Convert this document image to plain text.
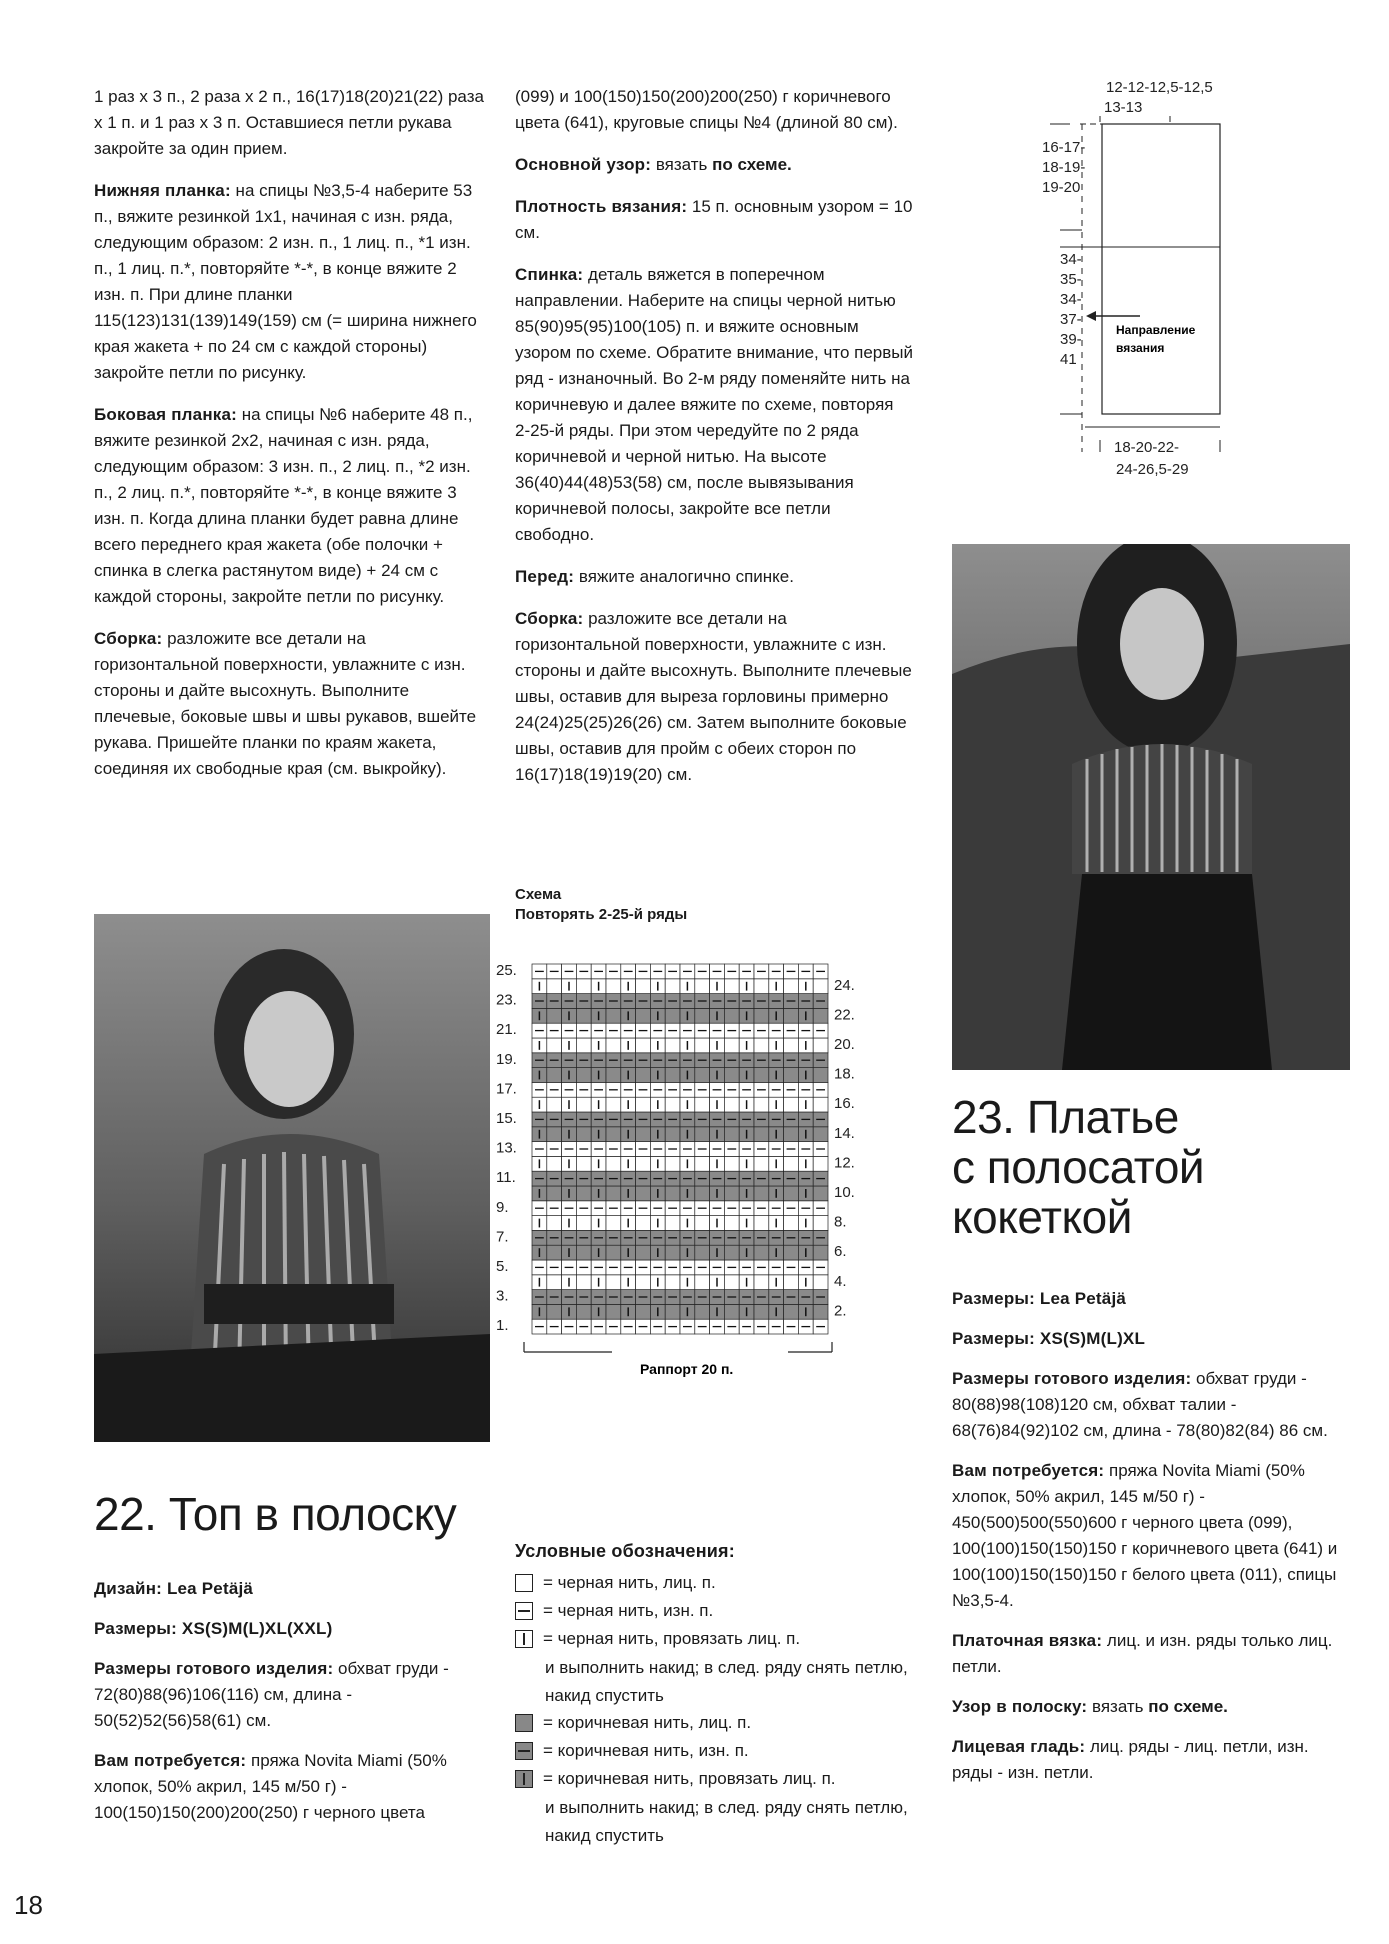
1 раз x 3 п., 2 раза x 2 п., 16(17)18(20)21(22) раза x 1 п. и 1 раз x 3 п. Оставшиеся петли рукава закройте за один прием.

Нижняя планка: на спицы №3,5-4 наберите 53 п., вяжите резинкой 1x1, начиная с изн. ряда, следующим образом: 2 изн. п., 1 лиц. п., *1 изн. п., 1 лиц. п.*, повторяйте *-*, в конце вяжите 2 изн. п. При длине планки 115(123)131(139)149(159) см (= ширина нижнего края жакета + по 24 см с каждой стороны) закройте петли по рисунку.

Боковая планка: на спицы №6 наберите 48 п., вяжите резинкой 2x2, начиная с изн. ряда, следующим образом: 3 изн. п., 2 лиц. п., *2 изн. п., 2 лиц. п.*, повторяйте *-*, в конце вяжите 3 изн. п. Когда длина планки будет равна длине всего переднего края жакета (обе полочки + спинка в слегка растянутом виде) + 24 см с каждой стороны, закройте петли по рисунку.

Сборка: разложите все детали на горизонтальной поверхности, увлажните с изн. стороны и дайте высохнуть. Выполните плечевые, боковые швы и швы рукавов, вшейте рукава. Пришейте планки по краям жакета, соединяя их свободные края (см. выкройку).

22. Топ в полоску
Дизайн: Lea Petäjä
Размеры: XS(S)M(L)XL(XXL)
Размеры готового изделия: обхват груди - 72(80)88(96)106(116) см, длина - 50(52)52(56)58(61) см.
Вам потребуется: пряжа Novita Miami (50% хлопок, 50% акрил, 145 м/50 г) - 100(150)150(200)200(250) г черного цвета

(099) и 100(150)150(200)200(250) г коричневого цвета (641), круговые спицы №4 (длиной 80 см).

Основной узор: вязать по схеме.

Плотность вязания: 15 п. основным узором = 10 см.

Спинка: деталь вяжется в поперечном направлении. Наберите на спицы черной нитью 85(90)95(95)100(105) п. и вяжите основным узором по схеме. Обратите внимание, что первый ряд - изнаночный. Во 2-м ряду поменяйте нить на коричневую и далее вяжите по схеме, повторяя 2-25-й ряды. При этом чередуйте по 2 ряда коричневой и черной нитью. На высоте 36(40)44(48)53(58) см, после вывязывания коричневой полосы, закройте все петли свободно.

Перед: вяжите аналогично спинке.

Сборка: разложите все детали на горизонтальной поверхности, увлажните с изн. стороны и дайте высохнуть. Выполните плечевые швы, оставив для выреза горловины примерно 24(24)25(25)26(26) см. Затем выполните боковые швы, оставив для пройм с обеих сторон по 16(17)18(19)19(20) см.

Схема
Повторять 2-25-й ряды
25.
23.
21.
19.
17.
15.
13.
11.
9.
7.
5.
3.
1.
24.
22.
20.
18.
16.
14.
12.
10.
8.
6.
4.
2.
Раппорт 20 п.
Условные обозначения:
= черная нить, лиц. п.
= черная нить, изн. п.
= черная нить, провязать лиц. п.
и выполнить накид; в след. ряду снять петлю, накид спустить
= коричневая нить, лиц. п.
= коричневая нить, изн. п.
= коричневая нить, провязать лиц. п.
и выполнить накид; в след. ряду снять петлю, накид спустить
12-12-12,5-12,5
13-13
16-17-
18-19-
19-20
34-
35-
34-
37-
39-
41
Направление
вязания
18-20-22-
24-26,5-29
23. Платье
с полосатой
кокеткой
Размеры: Lea Petäjä
Размеры: XS(S)M(L)XL
Размеры готового изделия: обхват груди - 80(88)98(108)120 см, обхват талии - 68(76)84(92)102 см, длина - 78(80)82(84) 86 см.
Вам потребуется: пряжа Novita Miami (50% хлопок, 50% акрил, 145 м/50 г) - 450(500)500(550)600 г черного цвета (099), 100(100)150(150)150 г коричневого цвета (641) и 100(100)150(150)150 г белого цвета (011), спицы №3,5-4.
Платочная вязка: лиц. и изн. ряды только лиц. петли.
Узор в полоску: вязать по схеме.
Лицевая гладь: лиц. ряды - лиц. петли, изн. ряды - изн. петли.
18
